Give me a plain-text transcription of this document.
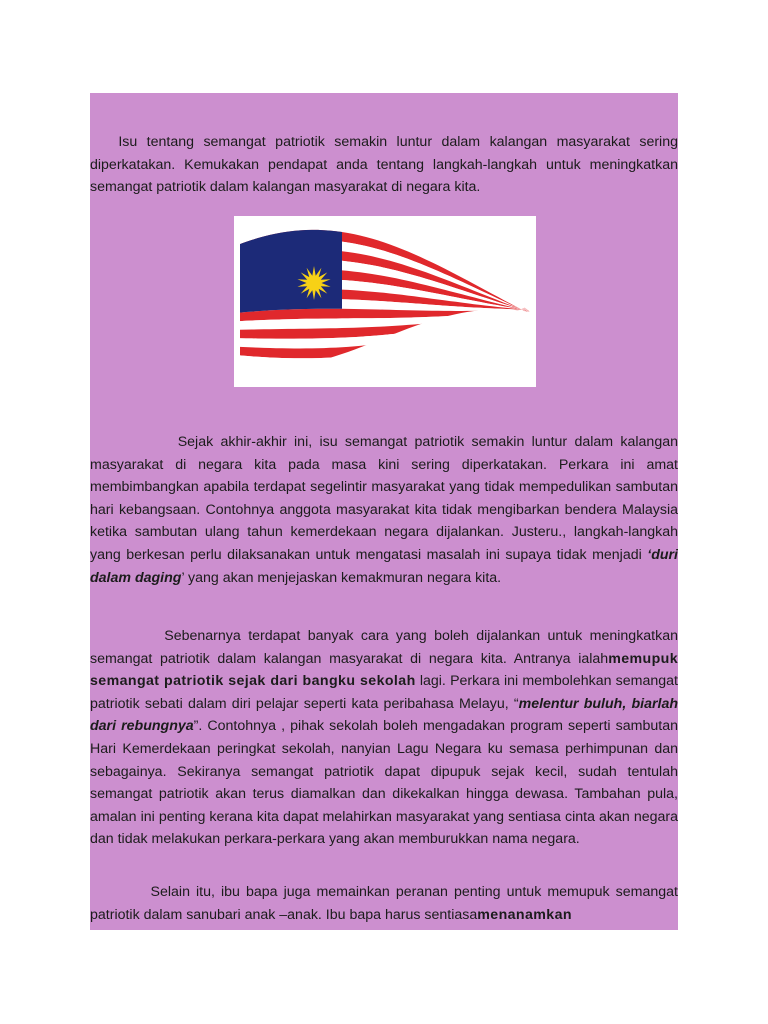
Isu tentang semangat patriotik semakin luntur dalam kalangan masyarakat sering diperkatakan. Kemukakan pendapat anda tentang langkah-langkah untuk meningkatkan semangat patriotik dalam kalangan masyarakat di negara kita.

Sejak akhir-akhir ini, isu semangat patriotik semakin luntur dalam kalangan masyarakat di negara kita pada masa kini sering diperkatakan. Perkara ini amat membimbangkan apabila terdapat segelintir masyarakat yang tidak mempedulikan sambutan hari kebangsaan. Contohnya anggota masyarakat kita tidak mengibarkan bendera Malaysia ketika sambutan ulang tahun kemerdekaan negara dijalankan. Justeru., langkah-langkah yang berkesan perlu dilaksanakan untuk mengatasi masalah ini supaya tidak menjadi ‘duri dalam daging’ yang akan menjejaskan kemakmuran negara kita.

Sebenarnya terdapat banyak cara yang boleh dijalankan untuk meningkatkan semangat patriotik dalam kalangan masyarakat di negara kita. Antranya ialahmemupuk semangat patriotik sejak dari bangku sekolah lagi. Perkara ini membolehkan semangat patriotik sebati dalam diri pelajar seperti kata peribahasa Melayu, “melentur buluh, biarlah dari rebungnya”. Contohnya , pihak sekolah boleh mengadakan program seperti sambutan Hari Kemerdekaan peringkat sekolah, nanyian Lagu Negara ku semasa perhimpunan dan sebagainya. Sekiranya semangat patriotik dapat dipupuk sejak kecil, sudah tentulah semangat patriotik akan terus diamalkan dan dikekalkan hingga dewasa. Tambahan pula, amalan ini penting kerana kita dapat melahirkan masyarakat yang sentiasa cinta akan negara dan tidak melakukan perkara-perkara yang akan memburukkan nama negara.

Selain itu, ibu bapa juga memainkan peranan penting untuk memupuk semangat patriotik dalam sanubari anak –anak. Ibu bapa harus sentiasamenanamkan
